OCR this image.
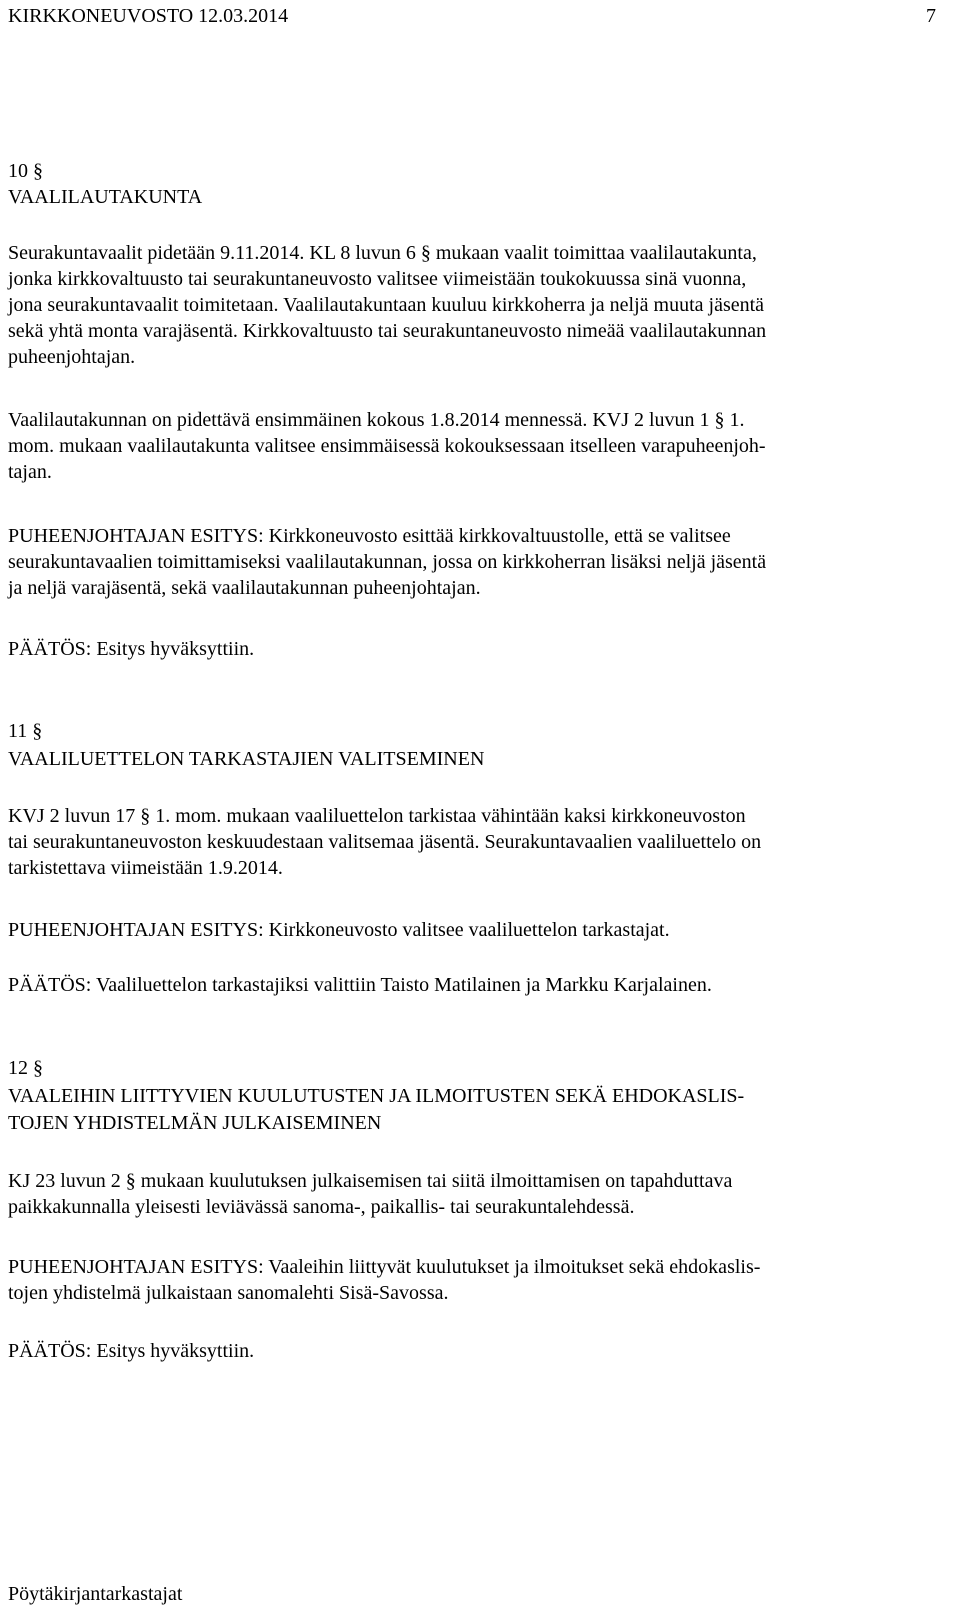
KIRKKONEUVOSTO 12.03.2014	7
10 §
VAALILAUTAKUNTA
Seurakuntavaalit pidetään 9.11.2014. KL 8 luvun 6 § mukaan vaalit toimittaa vaalilautakunta,
jonka kirkkovaltuusto tai seurakuntaneuvosto valitsee viimeistään toukokuussa sinä vuonna,
jona seurakuntavaalit toimitetaan. Vaalilautakuntaan kuuluu kirkkoherra ja neljä muuta jäsentä
sekä yhtä monta varajäsentä. Kirkkovaltuusto tai seurakuntaneuvosto nimeää vaalilautakunnan
puheenjohtajan.
Vaalilautakunnan on pidettävä ensimmäinen kokous 1.8.2014 mennessä. KVJ 2 luvun 1 § 1.
mom. mukaan vaalilautakunta valitsee ensimmäisessä kokouksessaan itselleen varapuheenjoh-
tajan.
PUHEENJOHTAJAN ESITYS: Kirkkoneuvosto esittää kirkkovaltuustolle, että se valitsee
seurakuntavaalien toimittamiseksi vaalilautakunnan, jossa on kirkkoherran lisäksi neljä jäsentä
ja neljä varajäsentä, sekä vaalilautakunnan puheenjohtajan.
PÄÄTÖS: Esitys hyväksyttiin.
11 §
VAALILUETTELON TARKASTAJIEN VALITSEMINEN
KVJ 2 luvun 17 § 1. mom. mukaan vaaliluettelon tarkistaa vähintään kaksi kirkkoneuvoston
tai seurakuntaneuvoston keskuudestaan valitsemaa jäsentä. Seurakuntavaalien vaaliluettelo on
tarkistettava viimeistään 1.9.2014.
PUHEENJOHTAJAN ESITYS: Kirkkoneuvosto valitsee vaaliluettelon tarkastajat.
PÄÄTÖS: Vaaliluettelon tarkastajiksi valittiin Taisto Matilainen ja Markku Karjalainen.
12 §
VAALEIHIN LIITTYVIEN KUULUTUSTEN JA ILMOITUSTEN SEKÄ EHDOKASLIS-
TOJEN YHDISTELMÄN JULKAISEMINEN
KJ 23 luvun 2 § mukaan kuulutuksen julkaisemisen tai siitä ilmoittamisen on tapahduttava
paikkakunnalla yleisesti leviävässä sanoma-, paikallis- tai seurakuntalehdessä.
PUHEENJOHTAJAN ESITYS: Vaaleihin liittyvät kuulutukset ja ilmoitukset sekä ehdokaslis-
tojen yhdistelmä julkaistaan sanomalehti Sisä-Savossa.
PÄÄTÖS: Esitys hyväksyttiin.
Pöytäkirjantarkastajat
